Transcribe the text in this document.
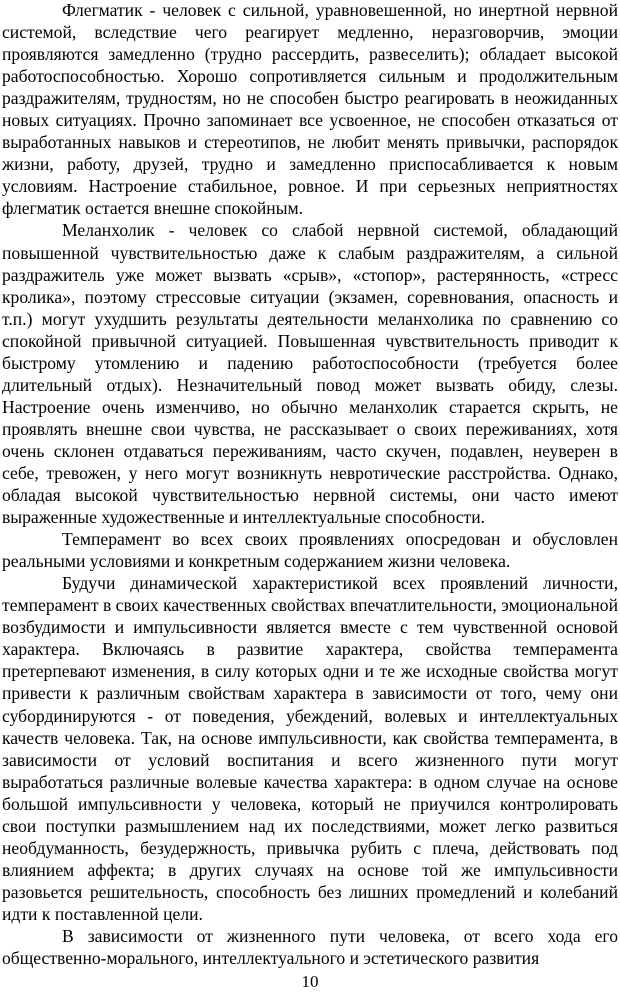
Флегматик - человек с сильной, уравновешенной, но инертной нервной системой, вследствие чего реагирует медленно, неразговорчив, эмоции проявляются замедленно (трудно рассердить, развеселить); обладает высокой работоспособностью. Хорошо сопротивляется сильным и продолжительным раздражителям, трудностям, но не способен быстро реагировать в неожиданных новых ситуациях. Прочно запоминает все усвоенное, не способен отказаться от выработанных навыков и стереотипов, не любит менять привычки, распорядок жизни, работу, друзей, трудно и замедленно приспосабливается к новым условиям. Настроение стабильное, ровное. И при серьезных неприятностях флегматик остается внешне спокойным.

Меланхолик - человек со слабой нервной системой, обладающий повышенной чувствительностью даже к слабым раздражителям, а сильной раздражитель уже может вызвать «срыв», «стопор», растерянность, «стресс кролика», поэтому стрессовые ситуации (экзамен, соревнования, опасность и т.п.) могут ухудшить результаты деятельности меланхолика по сравнению со спокойной привычной ситуацией. Повышенная чувствительность приводит к быстрому утомлению и падению работоспособности (требуется более длительный отдых). Незначительный повод может вызвать обиду, слезы. Настроение очень изменчиво, но обычно меланхолик старается скрыть, не проявлять внешне свои чувства, не рассказывает о своих переживаниях, хотя очень склонен отдаваться переживаниям, часто скучен, подавлен, неуверен в себе, тревожен, у него могут возникнуть невротические расстройства. Однако, обладая высокой чувствительностью нервной системы, они часто имеют выраженные художественные и интеллектуальные способности.

Темперамент во всех своих проявлениях опосредован и обусловлен реальными условиями и конкретным содержанием жизни человека.

Будучи динамической характеристикой всех проявлений личности, темперамент в своих качественных свойствах впечатлительности, эмоциональной возбудимости и импульсивности является вместе с тем чувственной основой характера. Включаясь в развитие характера, свойства темперамента претерпевают изменения, в силу которых одни и те же исходные свойства могут привести к различным свойствам характера в зависимости от того, чему они субординируются - от поведения, убеждений, волевых и интеллектуальных качеств человека. Так, на основе импульсивности, как свойства темперамента, в зависимости от условий воспитания и всего жизненного пути могут выработаться различные волевые качества характера: в одном случае на основе большой импульсивности у человека, который не приучился контролировать свои поступки размышлением над их последствиями, может легко развиться необдуманность, безудержность, привычка рубить с плеча, действовать под влиянием аффекта; в других случаях на основе той же импульсивности разовьется решительность, способность без лишних промедлений и колебаний идти к поставленной цели.

В зависимости от жизненного пути человека, от всего хода его общественно-морального, интеллектуального и эстетического развития

10
